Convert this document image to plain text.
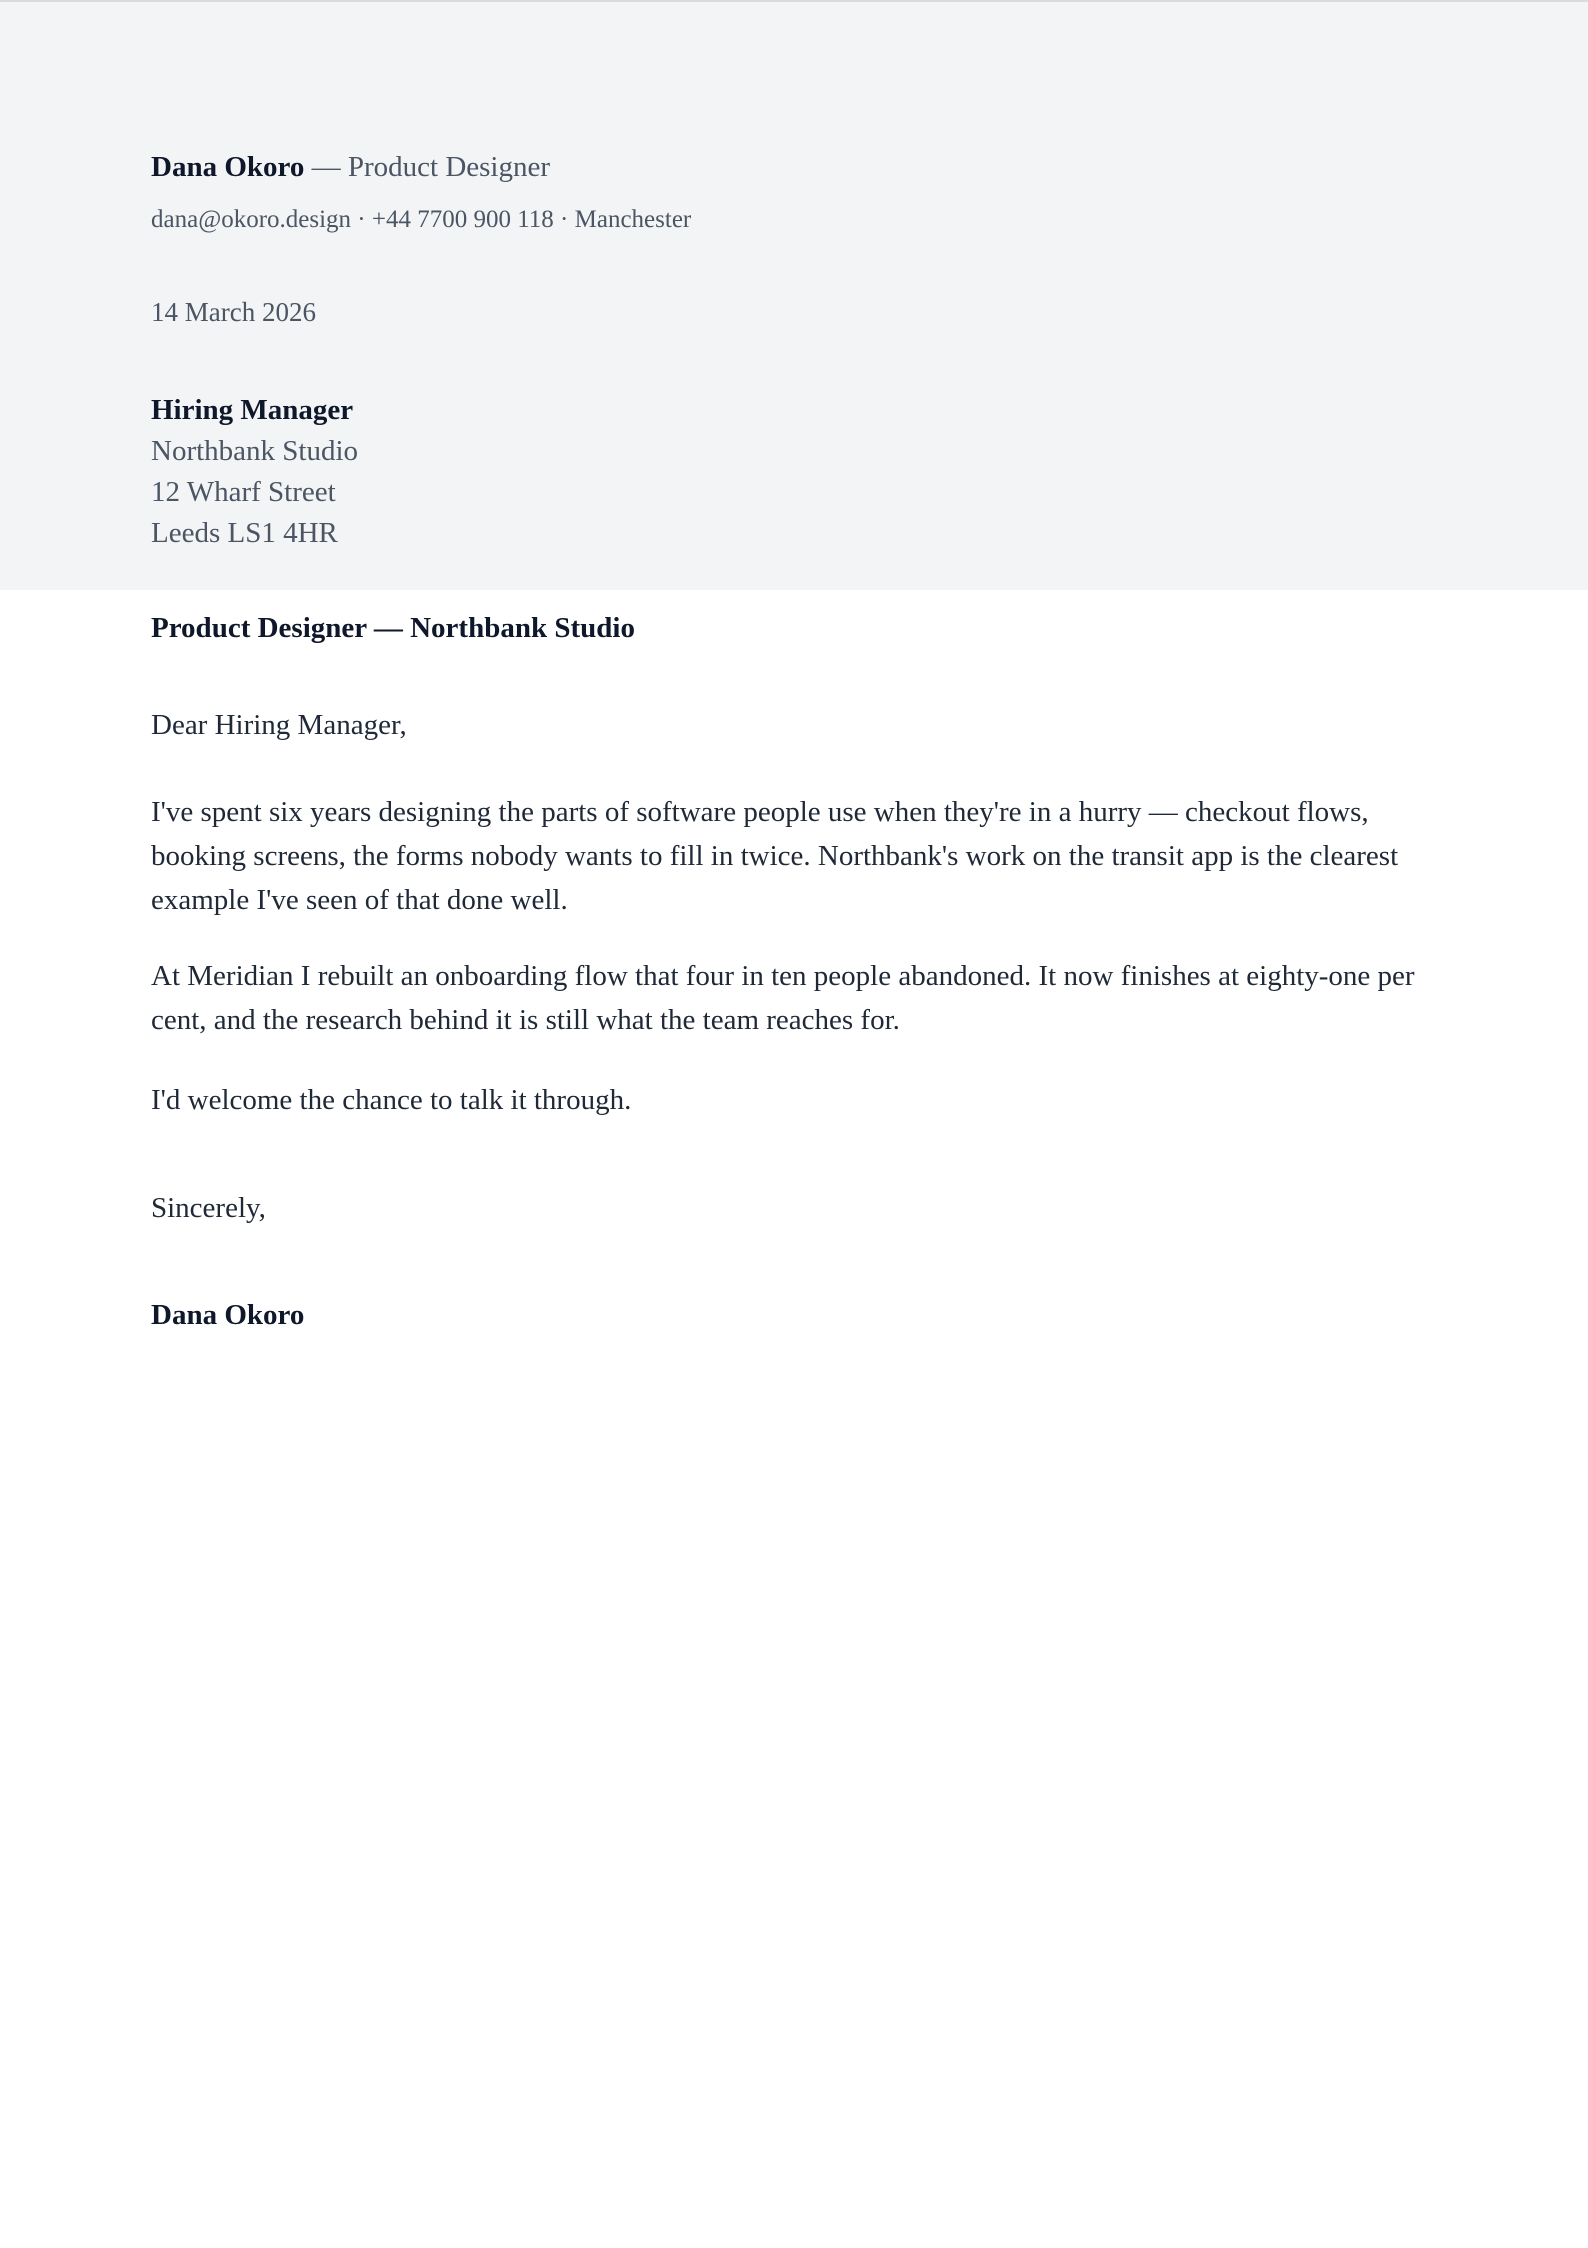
Dana Okoro — Product Designer
dana@okoro.design · +44 7700 900 118 · Manchester
14 March 2026
Hiring Manager
Northbank Studio
12 Wharf Street
Leeds LS1 4HR
Product Designer — Northbank Studio
Dear Hiring Manager,

I've spent six years designing the parts of software people use when they're in a hurry — checkout flows, booking screens, the forms nobody wants to fill in twice. Northbank's work on the transit app is the clearest example I've seen of that done well.

At Meridian I rebuilt an onboarding flow that four in ten people abandoned. It now finishes at eighty-one per cent, and the research behind it is still what the team reaches for.

I'd welcome the chance to talk it through.

Sincerely,
Dana Okoro
